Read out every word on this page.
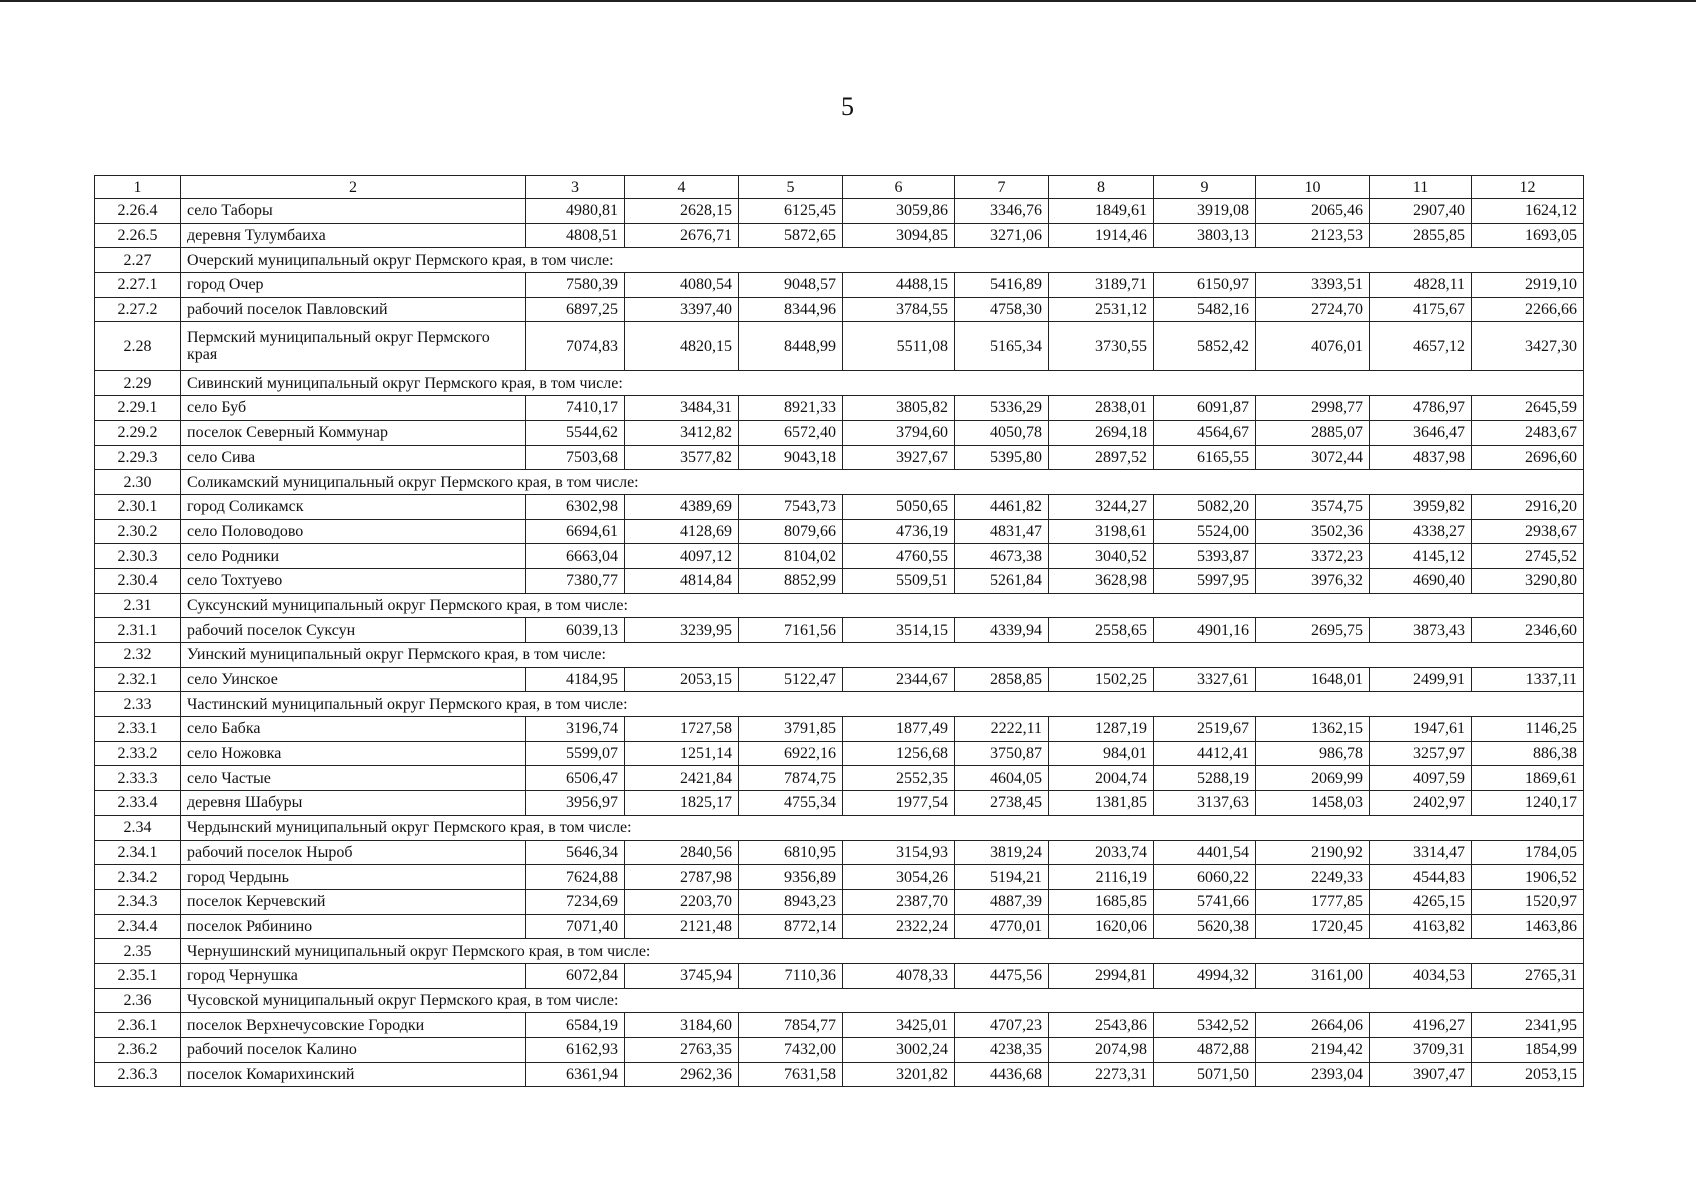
5
1	2	3	4	5	6	7	8	9	10	11	12
2.26.4	село Таборы	4980,81	2628,15	6125,45	3059,86	3346,76	1849,61	3919,08	2065,46	2907,40	1624,12
2.26.5	деревня Тулумбаиха	4808,51	2676,71	5872,65	3094,85	3271,06	1914,46	3803,13	2123,53	2855,85	1693,05
2.27	Очерский муниципальный округ Пермского края, в том числе:										
2.27.1	город Очер	7580,39	4080,54	9048,57	4488,15	5416,89	3189,71	6150,97	3393,51	4828,11	2919,10
2.27.2	рабочий поселок Павловский	6897,25	3397,40	8344,96	3784,55	4758,30	2531,12	5482,16	2724,70	4175,67	2266,66
2.28	Пермский муниципальный округ Пермского края	7074,83	4820,15	8448,99	5511,08	5165,34	3730,55	5852,42	4076,01	4657,12	3427,30
2.29	Сивинский муниципальный округ Пермского края, в том числе:										
2.29.1	село Буб	7410,17	3484,31	8921,33	3805,82	5336,29	2838,01	6091,87	2998,77	4786,97	2645,59
2.29.2	поселок Северный Коммунар	5544,62	3412,82	6572,40	3794,60	4050,78	2694,18	4564,67	2885,07	3646,47	2483,67
2.29.3	село Сива	7503,68	3577,82	9043,18	3927,67	5395,80	2897,52	6165,55	3072,44	4837,98	2696,60
2.30	Соликамский муниципальный округ Пермского края, в том числе:										
2.30.1	город Соликамск	6302,98	4389,69	7543,73	5050,65	4461,82	3244,27	5082,20	3574,75	3959,82	2916,20
2.30.2	село Половодово	6694,61	4128,69	8079,66	4736,19	4831,47	3198,61	5524,00	3502,36	4338,27	2938,67
2.30.3	село Родники	6663,04	4097,12	8104,02	4760,55	4673,38	3040,52	5393,87	3372,23	4145,12	2745,52
2.30.4	село Тохтуево	7380,77	4814,84	8852,99	5509,51	5261,84	3628,98	5997,95	3976,32	4690,40	3290,80
2.31	Суксунский муниципальный округ Пермского края, в том числе:										
2.31.1	рабочий поселок Суксун	6039,13	3239,95	7161,56	3514,15	4339,94	2558,65	4901,16	2695,75	3873,43	2346,60
2.32	Уинский муниципальный округ Пермского края, в том числе:										
2.32.1	село Уинское	4184,95	2053,15	5122,47	2344,67	2858,85	1502,25	3327,61	1648,01	2499,91	1337,11
2.33	Частинский муниципальный округ Пермского края, в том числе:										
2.33.1	село Бабка	3196,74	1727,58	3791,85	1877,49	2222,11	1287,19	2519,67	1362,15	1947,61	1146,25
2.33.2	село Ножовка	5599,07	1251,14	6922,16	1256,68	3750,87	984,01	4412,41	986,78	3257,97	886,38
2.33.3	село Частые	6506,47	2421,84	7874,75	2552,35	4604,05	2004,74	5288,19	2069,99	4097,59	1869,61
2.33.4	деревня Шабуры	3956,97	1825,17	4755,34	1977,54	2738,45	1381,85	3137,63	1458,03	2402,97	1240,17
2.34	Чердынский муниципальный округ Пермского края, в том числе:										
2.34.1	рабочий поселок Ныроб	5646,34	2840,56	6810,95	3154,93	3819,24	2033,74	4401,54	2190,92	3314,47	1784,05
2.34.2	город Чердынь	7624,88	2787,98	9356,89	3054,26	5194,21	2116,19	6060,22	2249,33	4544,83	1906,52
2.34.3	поселок Керчевский	7234,69	2203,70	8943,23	2387,70	4887,39	1685,85	5741,66	1777,85	4265,15	1520,97
2.34.4	поселок Рябинино	7071,40	2121,48	8772,14	2322,24	4770,01	1620,06	5620,38	1720,45	4163,82	1463,86
2.35	Чернушинский муниципальный округ Пермского края, в том числе:										
2.35.1	город Чернушка	6072,84	3745,94	7110,36	4078,33	4475,56	2994,81	4994,32	3161,00	4034,53	2765,31
2.36	Чусовской муниципальный округ Пермского края, в том числе:										
2.36.1	поселок Верхнечусовские Городки	6584,19	3184,60	7854,77	3425,01	4707,23	2543,86	5342,52	2664,06	4196,27	2341,95
2.36.2	рабочий поселок Калино	6162,93	2763,35	7432,00	3002,24	4238,35	2074,98	4872,88	2194,42	3709,31	1854,99
2.36.3	поселок Комарихинский	6361,94	2962,36	7631,58	3201,82	4436,68	2273,31	5071,50	2393,04	3907,47	2053,15
